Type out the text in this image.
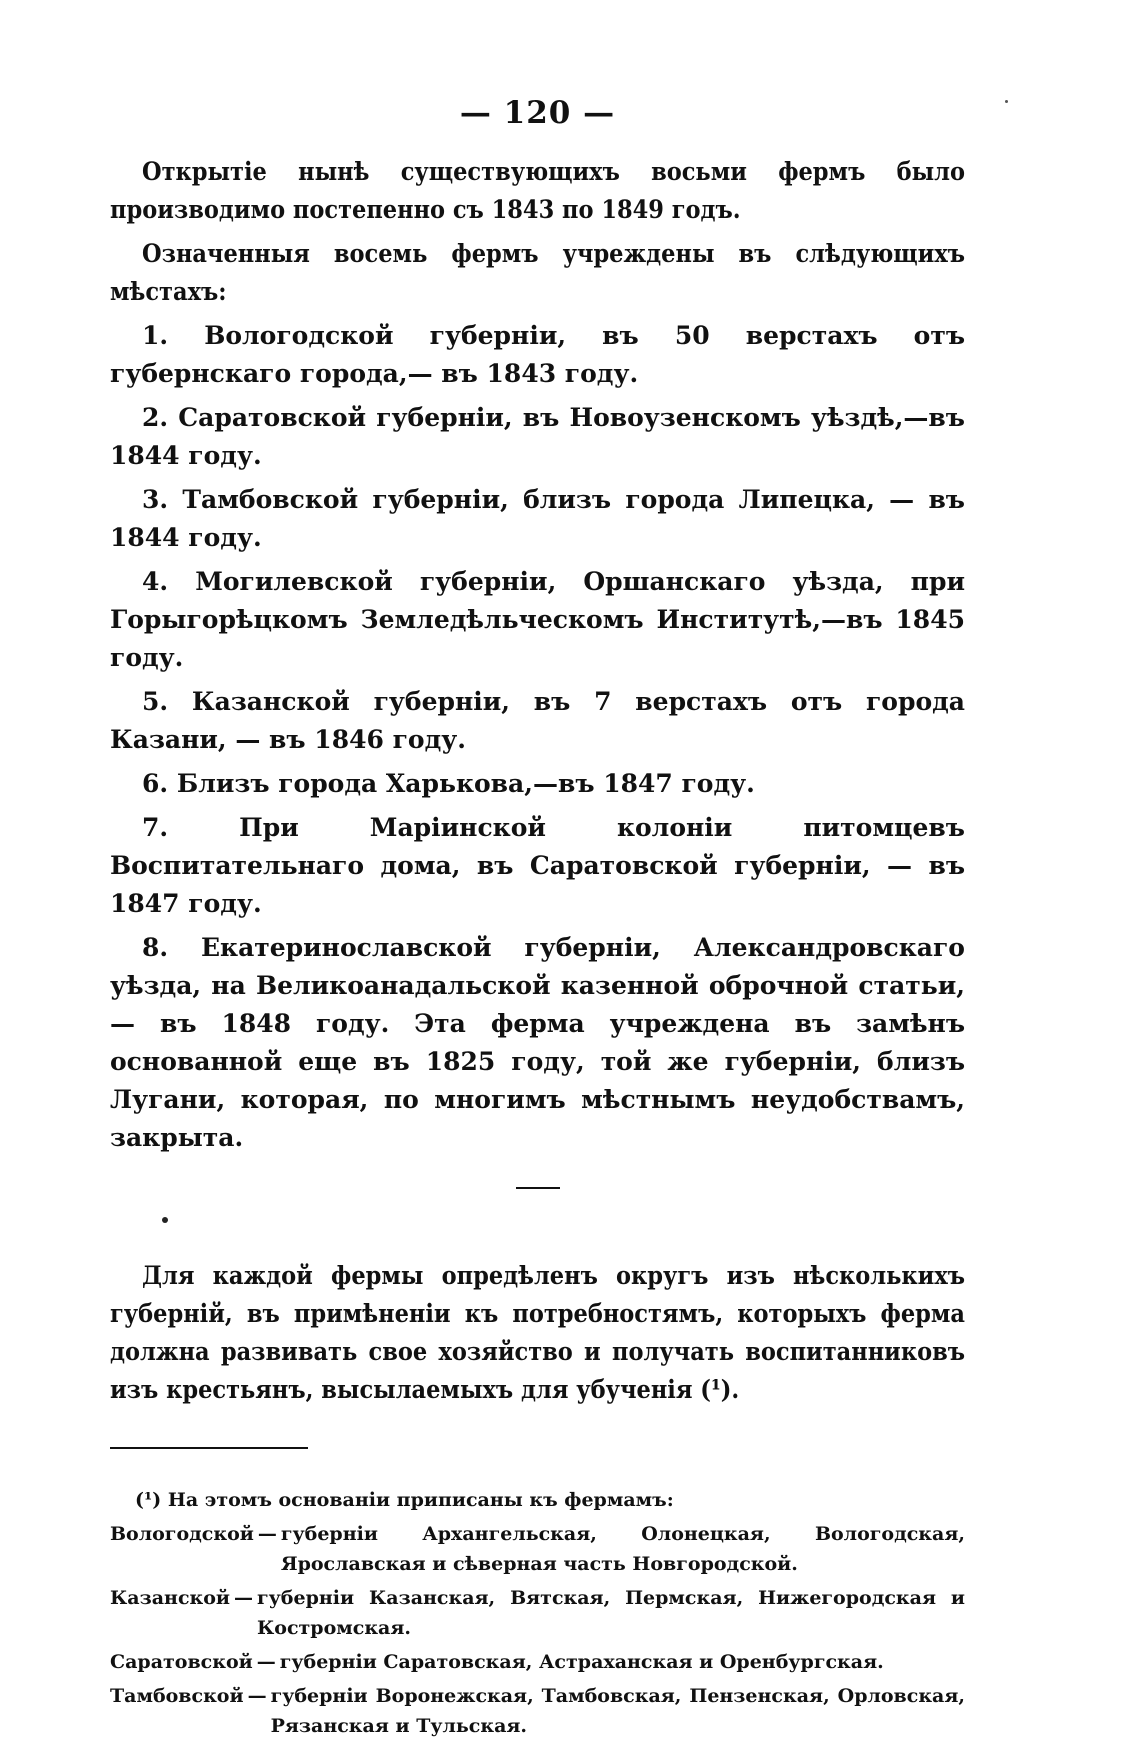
— 120 —

Открытіе нынѣ существующихъ восьми фермъ было производимо постепенно съ 1843 по 1849 годъ.

Означенныя восемь фермъ учреждены въ слѣдующихъ мѣстахъ:

1. Вологодской губерніи, въ 50 верстахъ отъ губернскаго города,— въ 1843 году.

2. Саратовской губерніи, въ Новоузенскомъ уѣздѣ,—въ 1844 году.

3. Тамбовской губерніи, близъ города Липецка, — въ 1844 году.

4. Могилевской губерніи, Оршанскаго уѣзда, при Горыгорѣцкомъ Земледѣльческомъ Институтѣ,—въ 1845 году.

5. Казанской губерніи, въ 7 верстахъ отъ города Казани, — въ 1846 году.

6. Близъ города Харькова,—въ 1847 году.

7.	При Маріинской колоніи питомцевъ Воспитательнаго дома, въ Саратовской губерніи, — въ 1847 году.

8. Екатеринославской губерніи, Александровскаго уѣзда, на Великоанадальской казенной оброчной статьи, — въ 1848 году. Эта ферма учреждена въ замѣнъ основанной еще въ 1825 году, той же губерніи, близъ Лугани, которая, по многимъ мѣстнымъ неудобствамъ, закрыта.

Для каждой фермы опредѣленъ округъ изъ нѣсколькихъ губерній, въ примѣненіи къ потребностямъ, которыхъ ферма должна развивать свое хозяйство и получать воспитанниковъ изъ крестьянъ, высылаемыхъ для убученія (¹).

(¹) На этомъ основаніи приписаны къ фермамъ:
Вологодской — губерніи Архангельская, Олонецкая, Вологодская, Ярославская и сѣверная часть Новгородской.
Казанской — губерніи Казанская, Вятская, Пермская, Нижегородская и Костромская.
Саратовской — губерніи Саратовская, Астраханская и Оренбургская.
Тамбовской — губерніи Воронежская, Тамбовская, Пензенская, Орловская, Рязанская и Тульская.
